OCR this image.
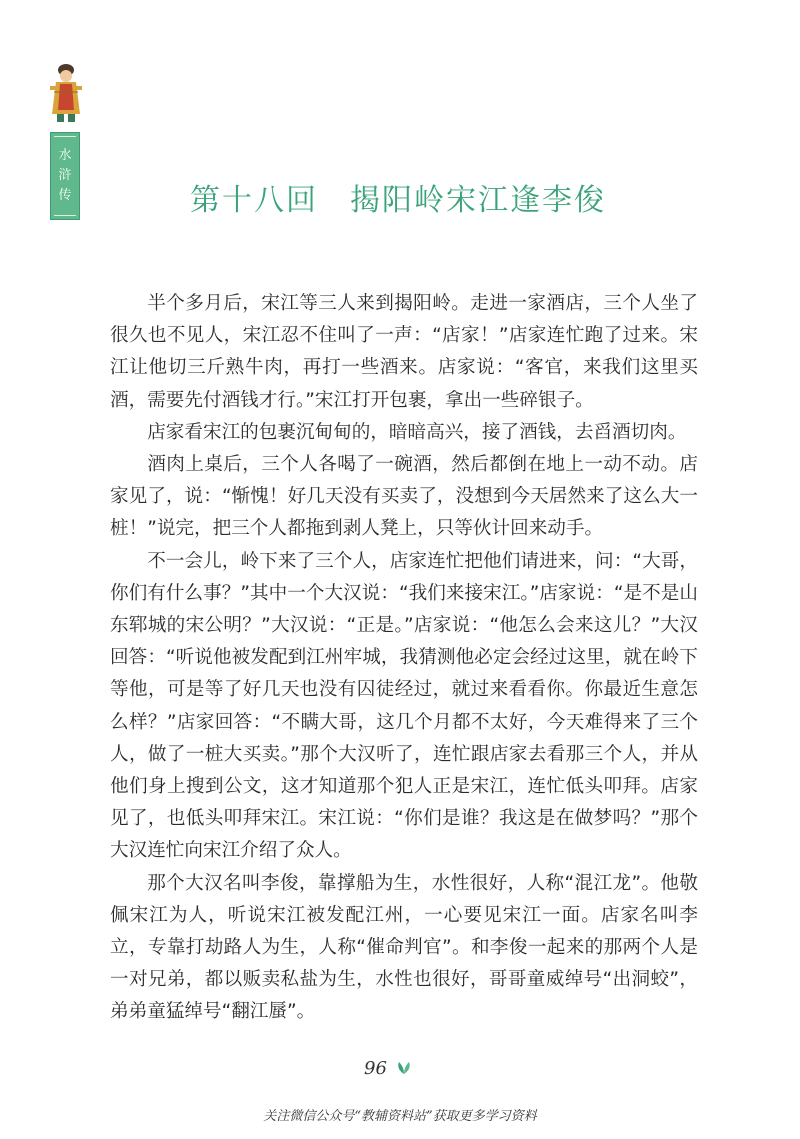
水
浒
传	第十八回　揭阳岭宋江逢李俊

半个多月后，宋江等三人来到揭阳岭。走进一家酒店，三个人坐了很久也不见人，宋江忍不住叫了一声：“店家！”店家连忙跑了过来。宋江让他切三斤熟牛肉，再打一些酒来。店家说：“客官，来我们这里买酒，需要先付酒钱才行。”宋江打开包裹，拿出一些碎银子。

店家看宋江的包裹沉甸甸的，暗暗高兴，接了酒钱，去舀酒切肉。

酒肉上桌后，三个人各喝了一碗酒，然后都倒在地上一动不动。店家见了，说：“惭愧！好几天没有买卖了，没想到今天居然来了这么大一桩！”说完，把三个人都拖到剥人凳上，只等伙计回来动手。

不一会儿，岭下来了三个人，店家连忙把他们请进来，问：“大哥，你们有什么事？”其中一个大汉说：“我们来接宋江。”店家说：“是不是山东郓城的宋公明？”大汉说：“正是。”店家说：“他怎么会来这儿？”大汉回答：“听说他被发配到江州牢城，我猜测他必定会经过这里，就在岭下等他，可是等了好几天也没有囚徒经过，就过来看看你。你最近生意怎么样？”店家回答：“不瞒大哥，这几个月都不太好，今天难得来了三个人，做了一桩大买卖。”那个大汉听了，连忙跟店家去看那三个人，并从他们身上搜到公文，这才知道那个犯人正是宋江，连忙低头叩拜。店家见了，也低头叩拜宋江。宋江说：“你们是谁？我这是在做梦吗？”那个大汉连忙向宋江介绍了众人。

那个大汉名叫李俊，靠撑船为生，水性很好，人称“混江龙”。他敬佩宋江为人，听说宋江被发配江州，一心要见宋江一面。店家名叫李立，专靠打劫路人为生，人称“催命判官”。和李俊一起来的那两个人是一对兄弟，都以贩卖私盐为生，水性也很好，哥哥童威绰号“出洞蛟”，弟弟童猛绰号“翻江蜃”。

96
关注微信公众号“教辅资料站”获取更多学习资料
